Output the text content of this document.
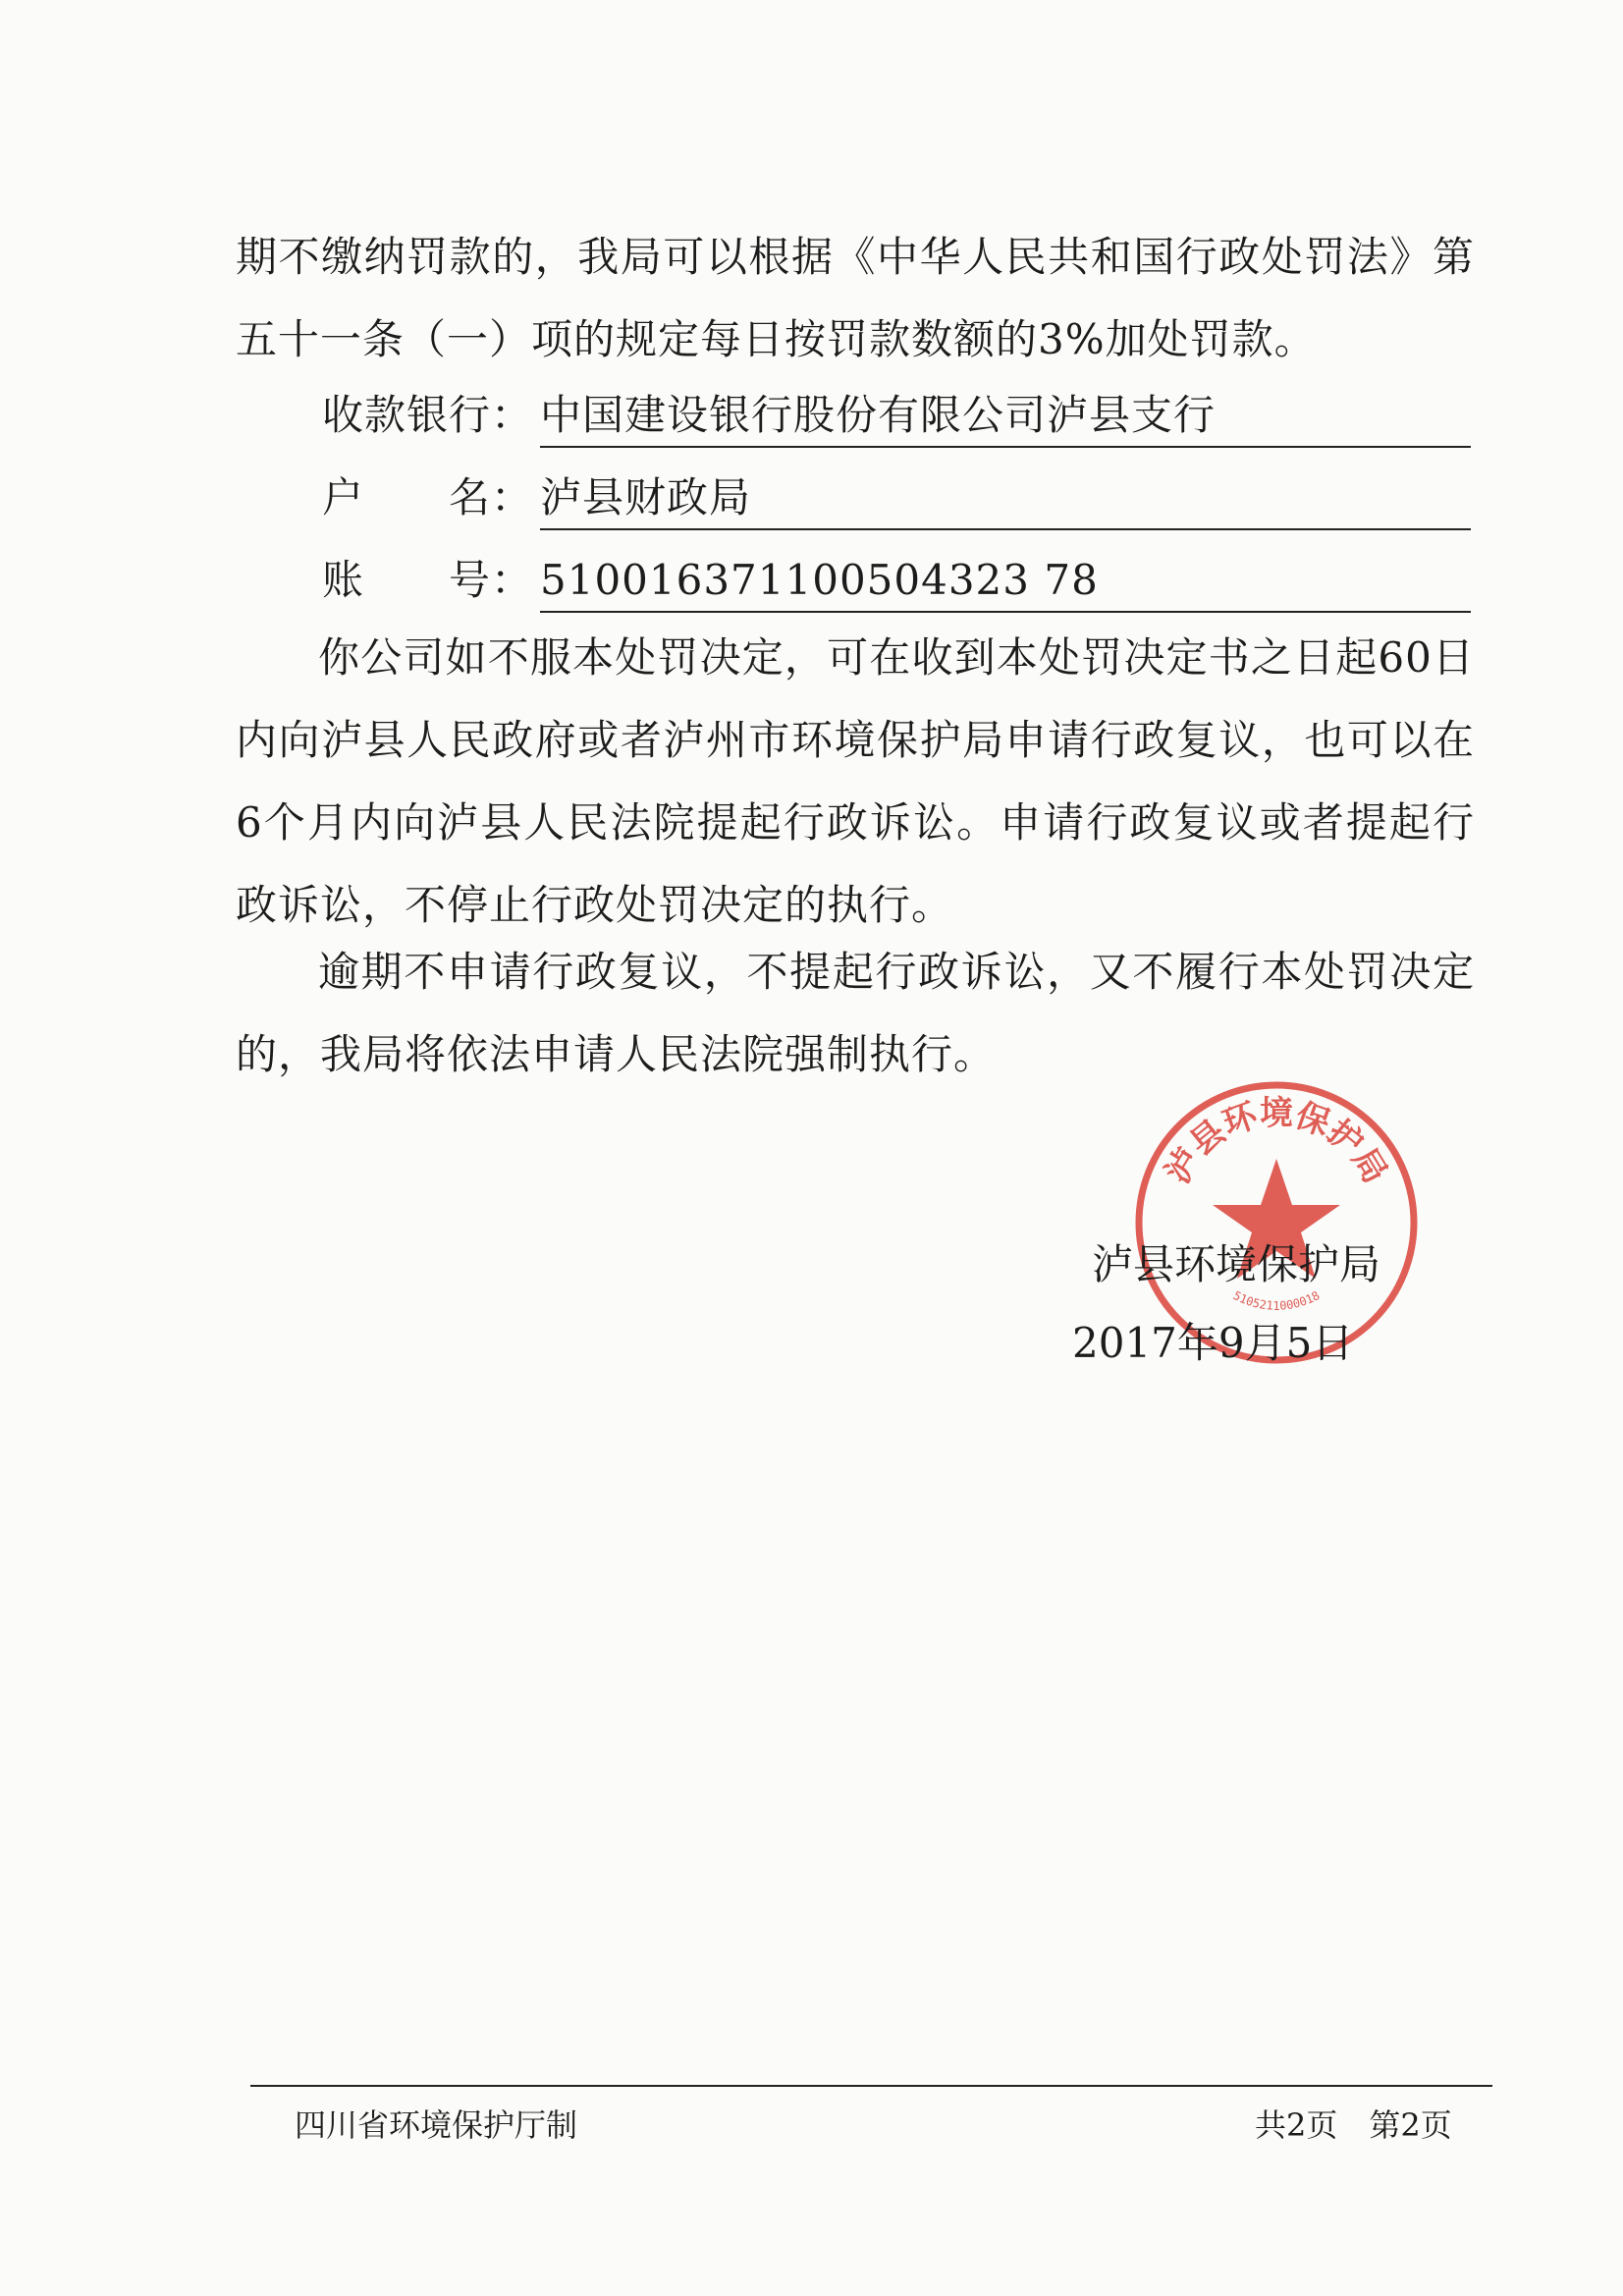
期不缴纳罚款的，我局可以根据《中华人民共和国行政处罚法》第五十一条（一）项的规定每日按罚款数额的3%加处罚款。

收款银行： 中国建设银行股份有限公司泸县支行
户　　名： 泸县财政局
账　　号： 510016371100504323 78

你公司如不服本处罚决定，可在收到本处罚决定书之日起60日内向泸县人民政府或者泸州市环境保护局申请行政复议，也可以在6个月内向泸县人民法院提起行政诉讼。申请行政复议或者提起行政诉讼，不停止行政处罚决定的执行。

逾期不申请行政复议，不提起行政诉讼，又不履行本处罚决定的，我局将依法申请人民法院强制执行。

泸县环境保护局
5105211000018
泸县环境保护局
2017年9月5日
四川省环境保护厅制	共2页　第2页
